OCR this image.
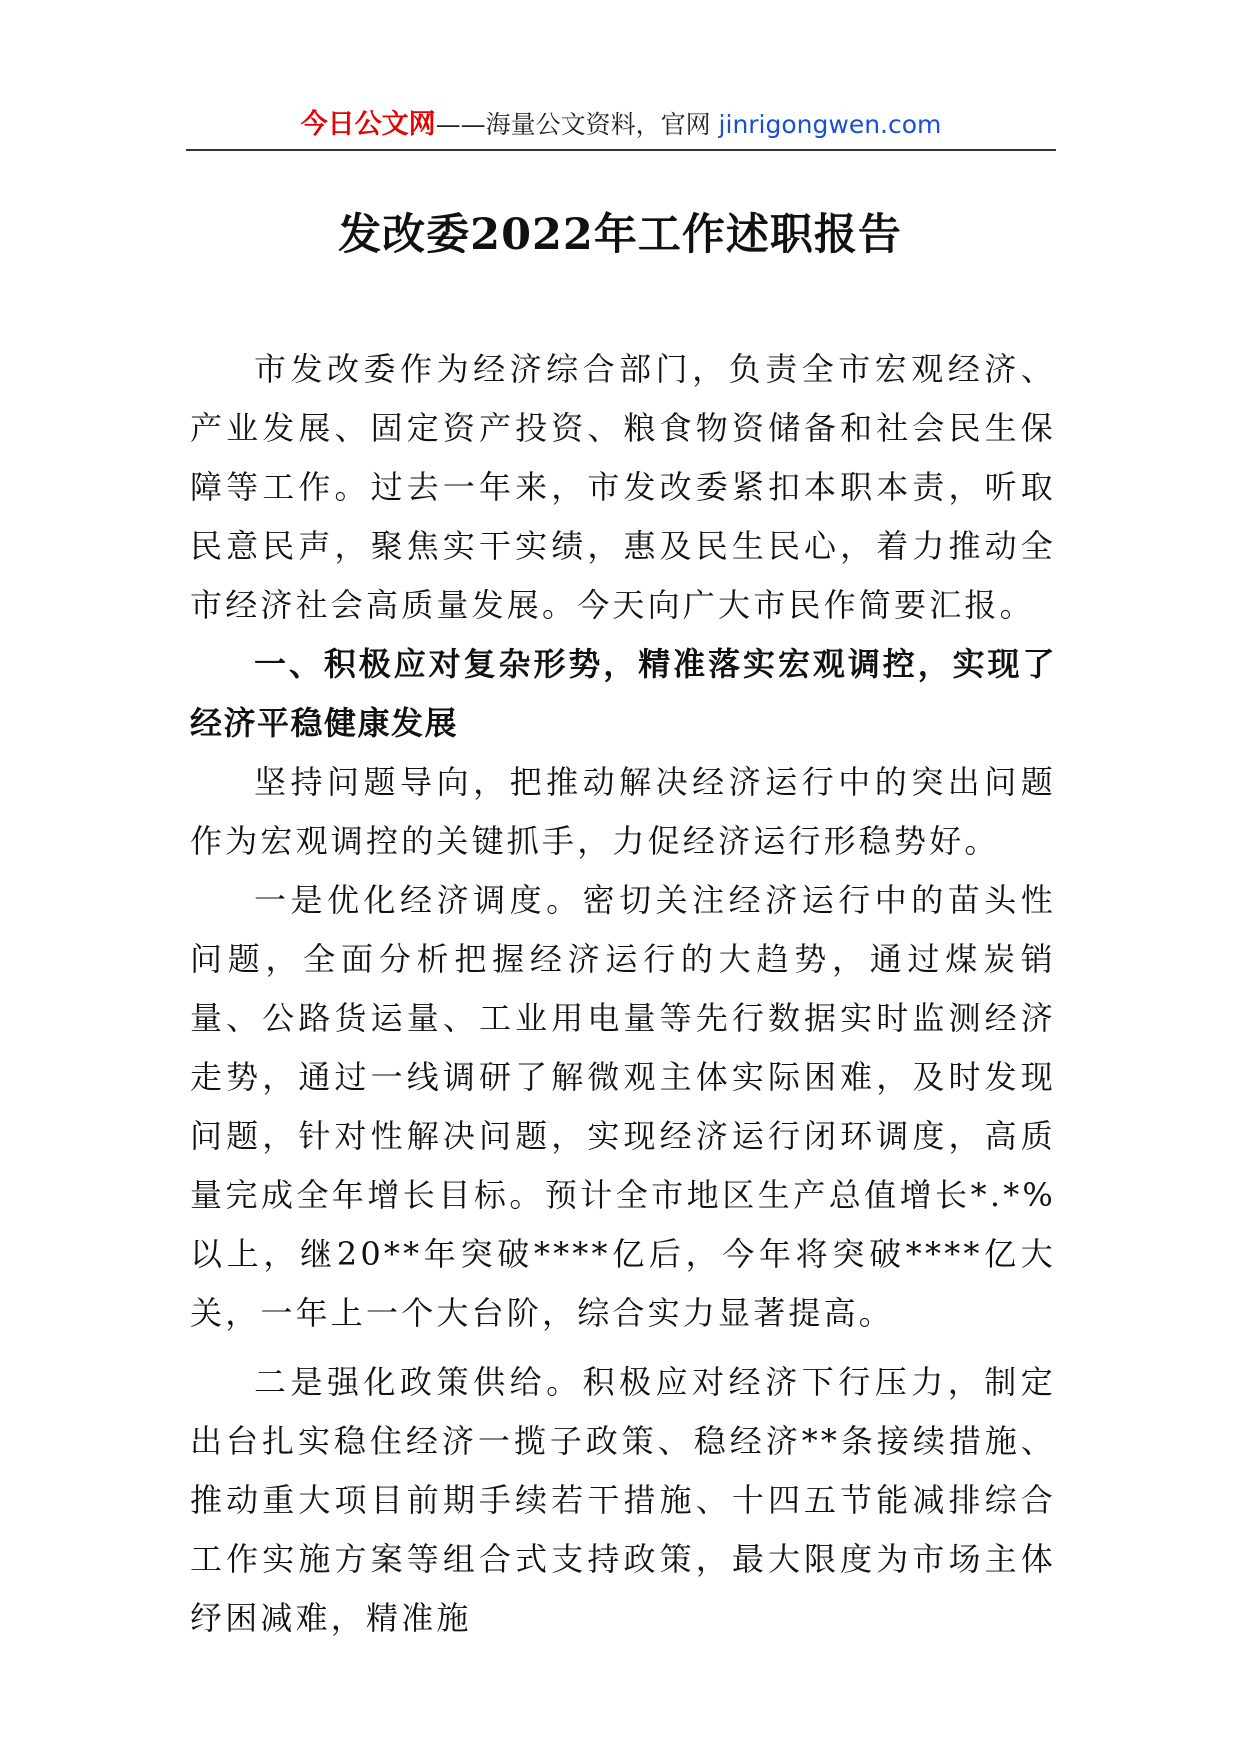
今日公文网——海量公文资料，官网 jinrigongwen.com
发改委2022年工作述职报告

市发改委作为经济综合部门，负责全市宏观经济、产业发展、固定资产投资、粮食物资储备和社会民生保障等工作。过去一年来，市发改委紧扣本职本责，听取民意民声，聚焦实干实绩，惠及民生民心，着力推动全市经济社会高质量发展。今天向广大市民作简要汇报。

一、积极应对复杂形势，精准落实宏观调控，实现了经济平稳健康发展

坚持问题导向，把推动解决经济运行中的突出问题作为宏观调控的关键抓手，力促经济运行形稳势好。

一是优化经济调度。密切关注经济运行中的苗头性问题，全面分析把握经济运行的大趋势，通过煤炭销量、公路货运量、工业用电量等先行数据实时监测经济走势，通过一线调研了解微观主体实际困难，及时发现问题，针对性解决问题，实现经济运行闭环调度，高质量完成全年增长目标。预计全市地区生产总值增长*.*%以上，继20**年突破****亿后，今年将突破****亿大关，一年上一个大台阶，综合实力显著提高。

二是强化政策供给。积极应对经济下行压力，制定出台扎实稳住经济一揽子政策、稳经济**条接续措施、推动重大项目前期手续若干措施、十四五节能减排综合工作实施方案等组合式支持政策，最大限度为市场主体纾困减难，精准施
